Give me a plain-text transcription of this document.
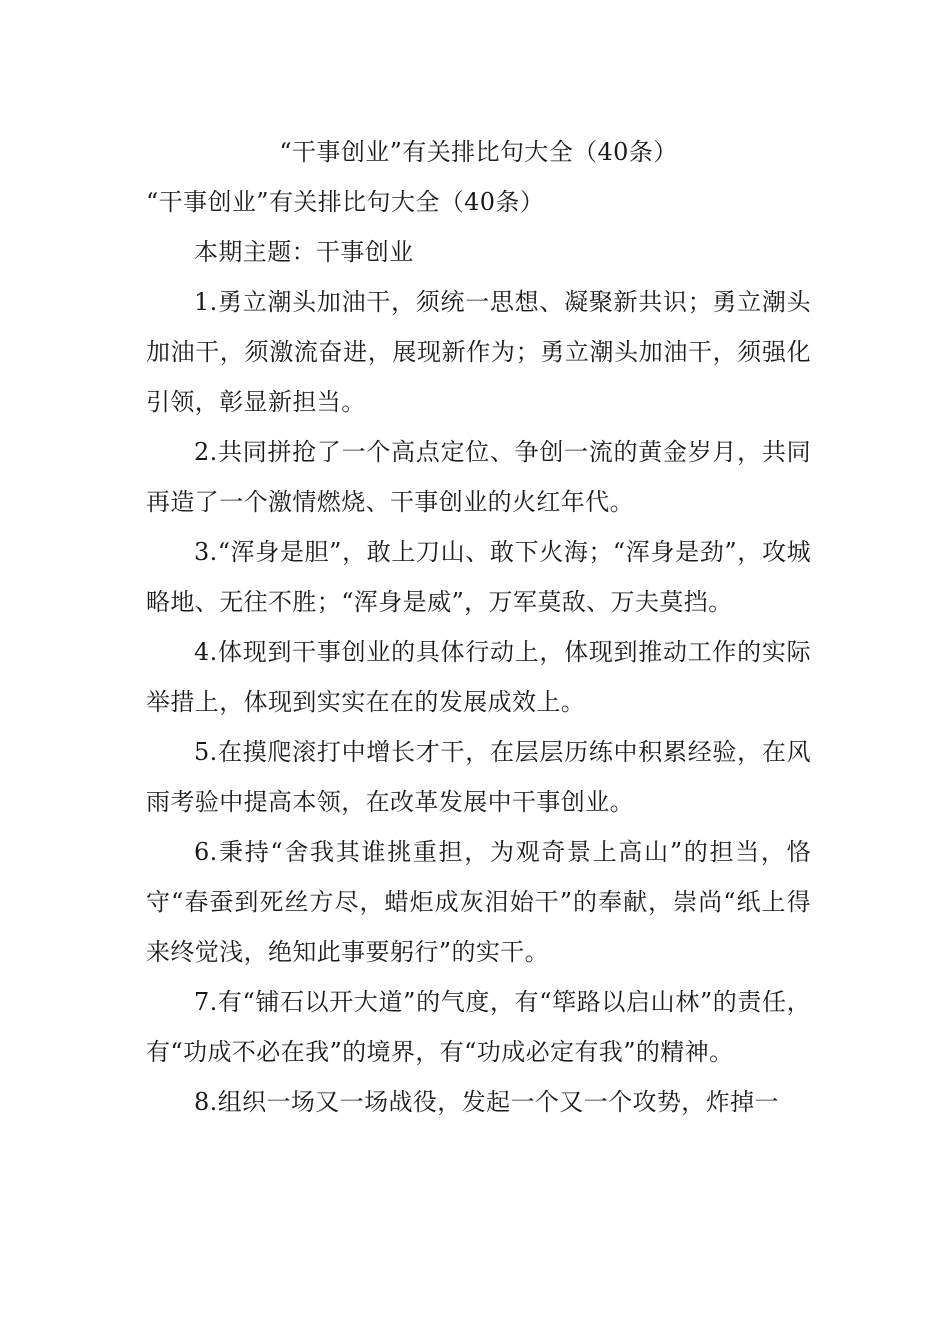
“干事创业”有关排比句大全（40条）

“干事创业”有关排比句大全（40条）

本期主题：干事创业

1.勇立潮头加油干，须统一思想、凝聚新共识；勇立潮头加油干，须激流奋进，展现新作为；勇立潮头加油干，须强化引领，彰显新担当。

2.共同拼抢了一个高点定位、争创一流的黄金岁月，共同再造了一个激情燃烧、干事创业的火红年代。

3.“浑身是胆”，敢上刀山、敢下火海；“浑身是劲”，攻城略地、无往不胜；“浑身是威”，万军莫敌、万夫莫挡。

4.体现到干事创业的具体行动上，体现到推动工作的实际举措上，体现到实实在在的发展成效上。

5.在摸爬滚打中增长才干，在层层历练中积累经验，在风雨考验中提高本领，在改革发展中干事创业。

6.秉持“舍我其谁挑重担，为观奇景上高山”的担当，恪守“春蚕到死丝方尽，蜡炬成灰泪始干”的奉献，崇尚“纸上得来终觉浅，绝知此事要躬行”的实干。

7.有“铺石以开大道”的气度，有“筚路以启山林”的责任，有“功成不必在我”的境界，有“功成必定有我”的精神。

8.组织一场又一场战役，发起一个又一个攻势，炸掉一
